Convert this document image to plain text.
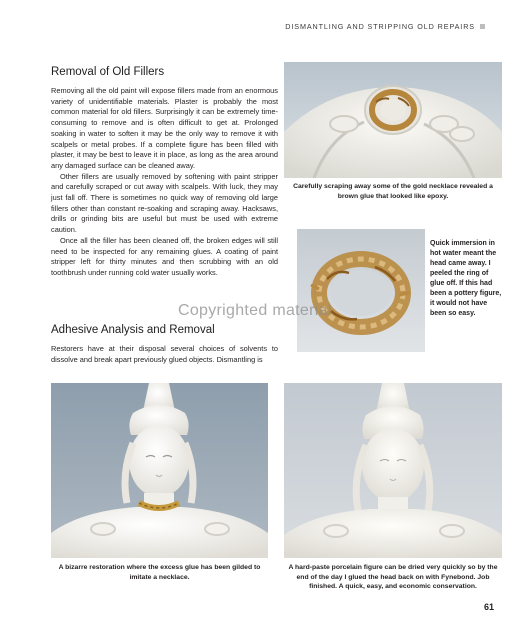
DISMANTLING AND STRIPPING OLD REPAIRS
Removal of Old Fillers

Removing all the old paint will expose fillers made from an enormous variety of unidentifiable materials. Plaster is probably the most common material for old fillers. Surprisingly it can be extremely time-consuming to remove and is often difficult to get at. Prolonged soaking in water to soften it may be the only way to remove it with scalpels or metal probes. If a complete figure has been filled with plaster, it may be best to leave it in place, as long as the area around any damaged surface can be cleaned away.

Other fillers are usually removed by softening with paint stripper and carefully scraped or cut away with scalpels. With luck, they may just fall off. There is sometimes no quick way of removing old large fillers other than constant re-soaking and scraping away. Hacksaws, drills or grinding bits are useful but must be used with extreme caution.

Once all the filler has been cleaned off, the broken edges will still need to be inspected for any remaining glues. A coating of paint stripper left for thirty minutes and then scrubbing with an old toothbrush under running cold water usually works.

Adhesive Analysis and Removal

Restorers have at their disposal several choices of solvents to dissolve and break apart previously glued objects. Dismantling is

Carefully scraping away some of the gold necklace revealed a brown glue that looked like epoxy.
Quick immersion in hot water meant the head came away. I peeled the ring of glue off. If this had been a pottery figure, it would not have been so easy.
A bizarre restoration where the excess glue has been gilded to imitate a necklace.
A hard-paste porcelain figure can be dried very quickly so by the end of the day I glued the head back on with Fynebond. Job finished. A quick, easy, and economic conservation.
Copyrighted material
61
